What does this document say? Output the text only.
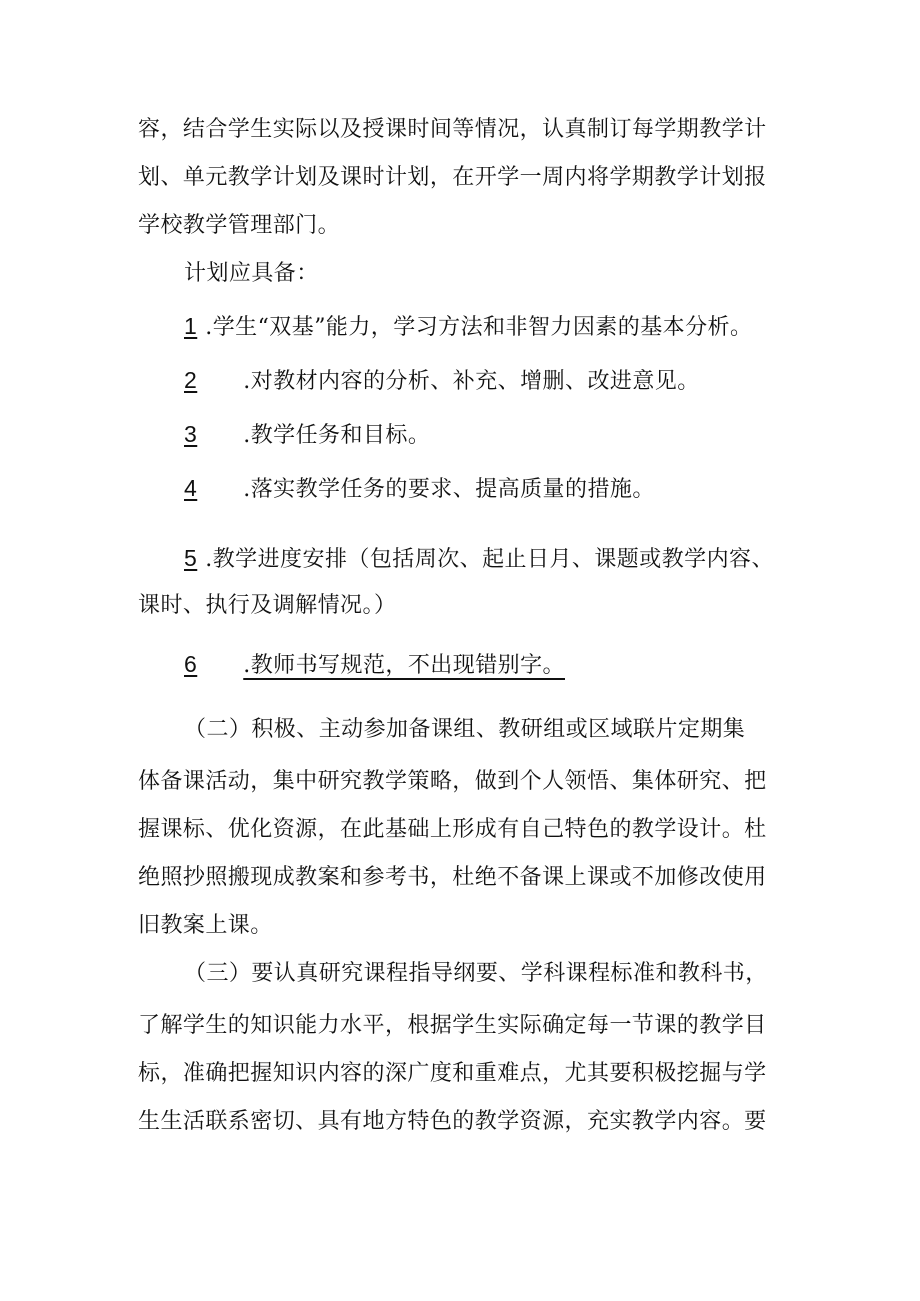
容，结合学生实际以及授课时间等情况，认真制订每学期教学计
划、单元教学计划及课时计划，在开学一周内将学期教学计划报
学校教学管理部门。
计划应具备：
1 .学生“双基”能力，学习方法和非智力因素的基本分析。
2 .对教材内容的分析、补充、增删、改进意见。
3 .教学任务和目标。
4 .落实教学任务的要求、提高质量的措施。
5 .教学进度安排（包括周次、起止日月、课题或教学内容、
课时、执行及调解情况。）
6 .教师书写规范，不出现错别字。
（二）积极、主动参加备课组、教研组或区域联片定期集
体备课活动，集中研究教学策略，做到个人领悟、集体研究、把
握课标、优化资源，在此基础上形成有自己特色的教学设计。杜
绝照抄照搬现成教案和参考书，杜绝不备课上课或不加修改使用
旧教案上课。
（三）要认真研究课程指导纲要、学科课程标准和教科书，
了解学生的知识能力水平，根据学生实际确定每一节课的教学目
标，准确把握知识内容的深广度和重难点，尤其要积极挖掘与学
生生活联系密切、具有地方特色的教学资源，充实教学内容。要
